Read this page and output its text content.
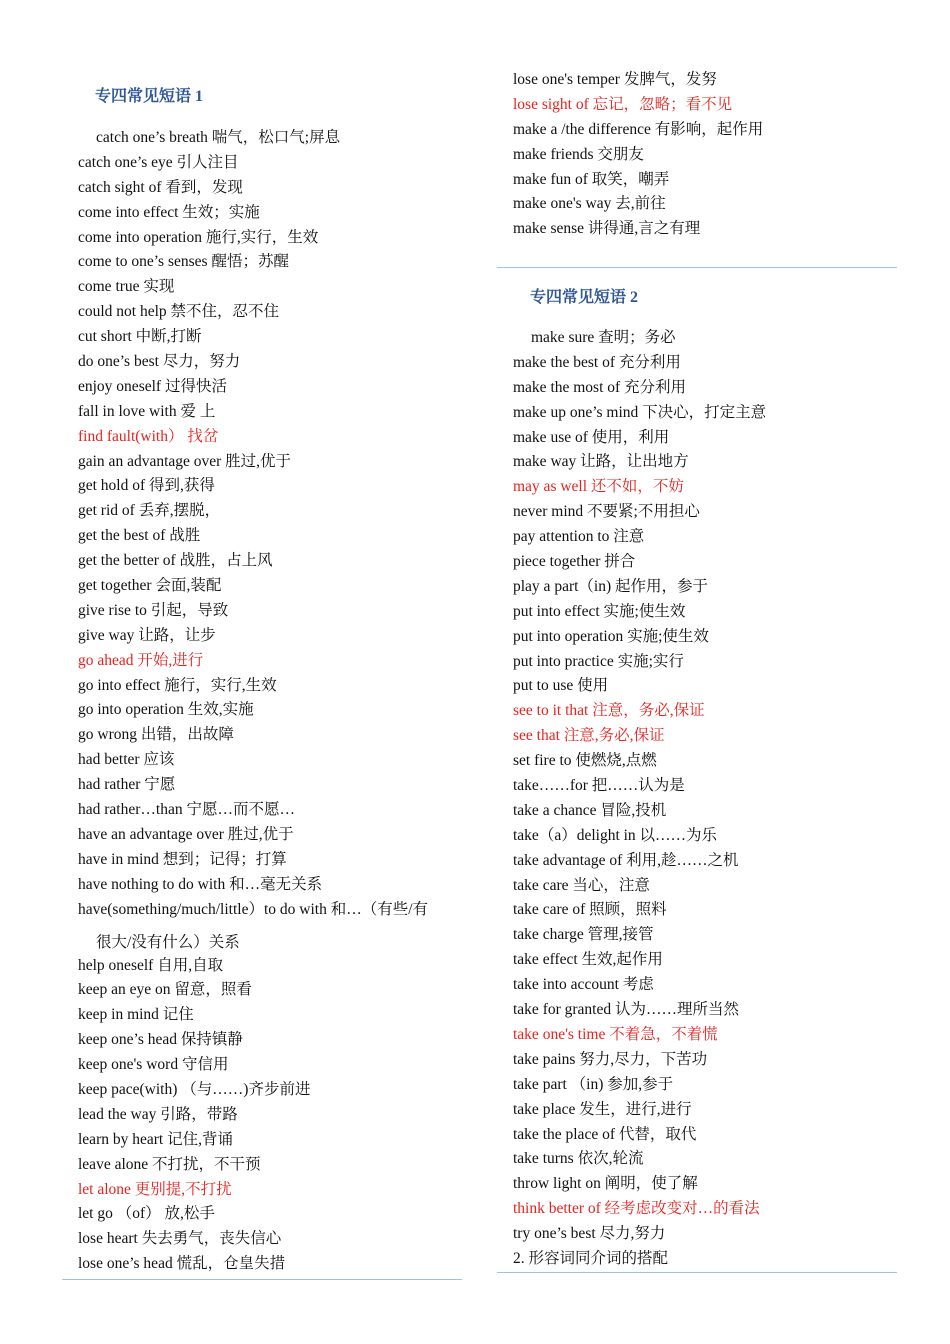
专四常见短语 1
catch one’s breath 喘气，松口气;屏息
catch one’s eye 引人注目
catch sight of 看到，发现
come into effect 生效；实施
come into operation 施行,实行，生效
come to one’s senses 醒悟；苏醒
come true 实现
could not help 禁不住，忍不住
cut short 中断,打断
do one’s best 尽力，努力
enjoy oneself 过得快活
fall in love with 爱 上
find fault(with） 找岔
gain an advantage over 胜过,优于
get hold of 得到,获得
get rid of 丢弃,摆脱，
get the best of 战胜
get the better of 战胜，占上风
get together 会面,装配
give rise to 引起，导致
give way 让路，让步
go ahead 开始,进行
go into effect 施行，实行,生效
go into operation 生效,实施
go wrong 出错，出故障
had better 应该
had rather 宁愿
had rather…than 宁愿…而不愿…
have an advantage over 胜过,优于
have in mind 想到；记得；打算
have nothing to do with 和…毫无关系
have(something/much/little）to do with 和…（有些/有
很大/没有什么）关系
help oneself 自用,自取
keep an eye on 留意，照看
keep in mind 记住
keep one’s head 保持镇静
keep one's word 守信用
keep pace(with) （与……)齐步前进
lead the way 引路，带路
learn by heart 记住,背诵
leave alone 不打扰，不干预
let alone 更别提,不打扰
let go （of） 放,松手
lose heart 失去勇气，丧失信心
lose one’s head 慌乱，仓皇失措
lose one's temper 发脾气，发努
lose sight of 忘记，忽略；看不见
make a /the difference 有影响，起作用
make friends 交朋友
make fun of 取笑，嘲弄
make one's way 去,前往
make sense 讲得通,言之有理
专四常见短语 2
make sure 查明；务必
make the best of 充分利用
make the most of 充分利用
make up one’s mind 下决心，打定主意
make use of 使用，利用
make way 让路，让出地方
may as well 还不如，不妨
never mind 不要紧;不用担心
pay attention to 注意
piece together 拼合
play a part（in) 起作用，参于
put into effect 实施;使生效
put into operation 实施;使生效
put into practice 实施;实行
put to use 使用
see to it that 注意，务必,保证
see that 注意,务必,保证
set fire to 使燃烧,点燃
take……for 把……认为是
take a chance 冒险,投机
take（a）delight in 以……为乐
take advantage of 利用,趁……之机
take care 当心，注意
take care of 照顾，照料
take charge 管理,接管
take effect 生效,起作用
take into account 考虑
take for granted 认为……理所当然
take one's time 不着急，不着慌
take pains 努力,尽力，下苦功
take part （in) 参加,参于
take place 发生，进行,进行
take the place of 代替，取代
take turns 依次,轮流
throw light on 阐明，使了解
think better of 经考虑改变对…的看法
try one’s best 尽力,努力
2. 形容词同介词的搭配
